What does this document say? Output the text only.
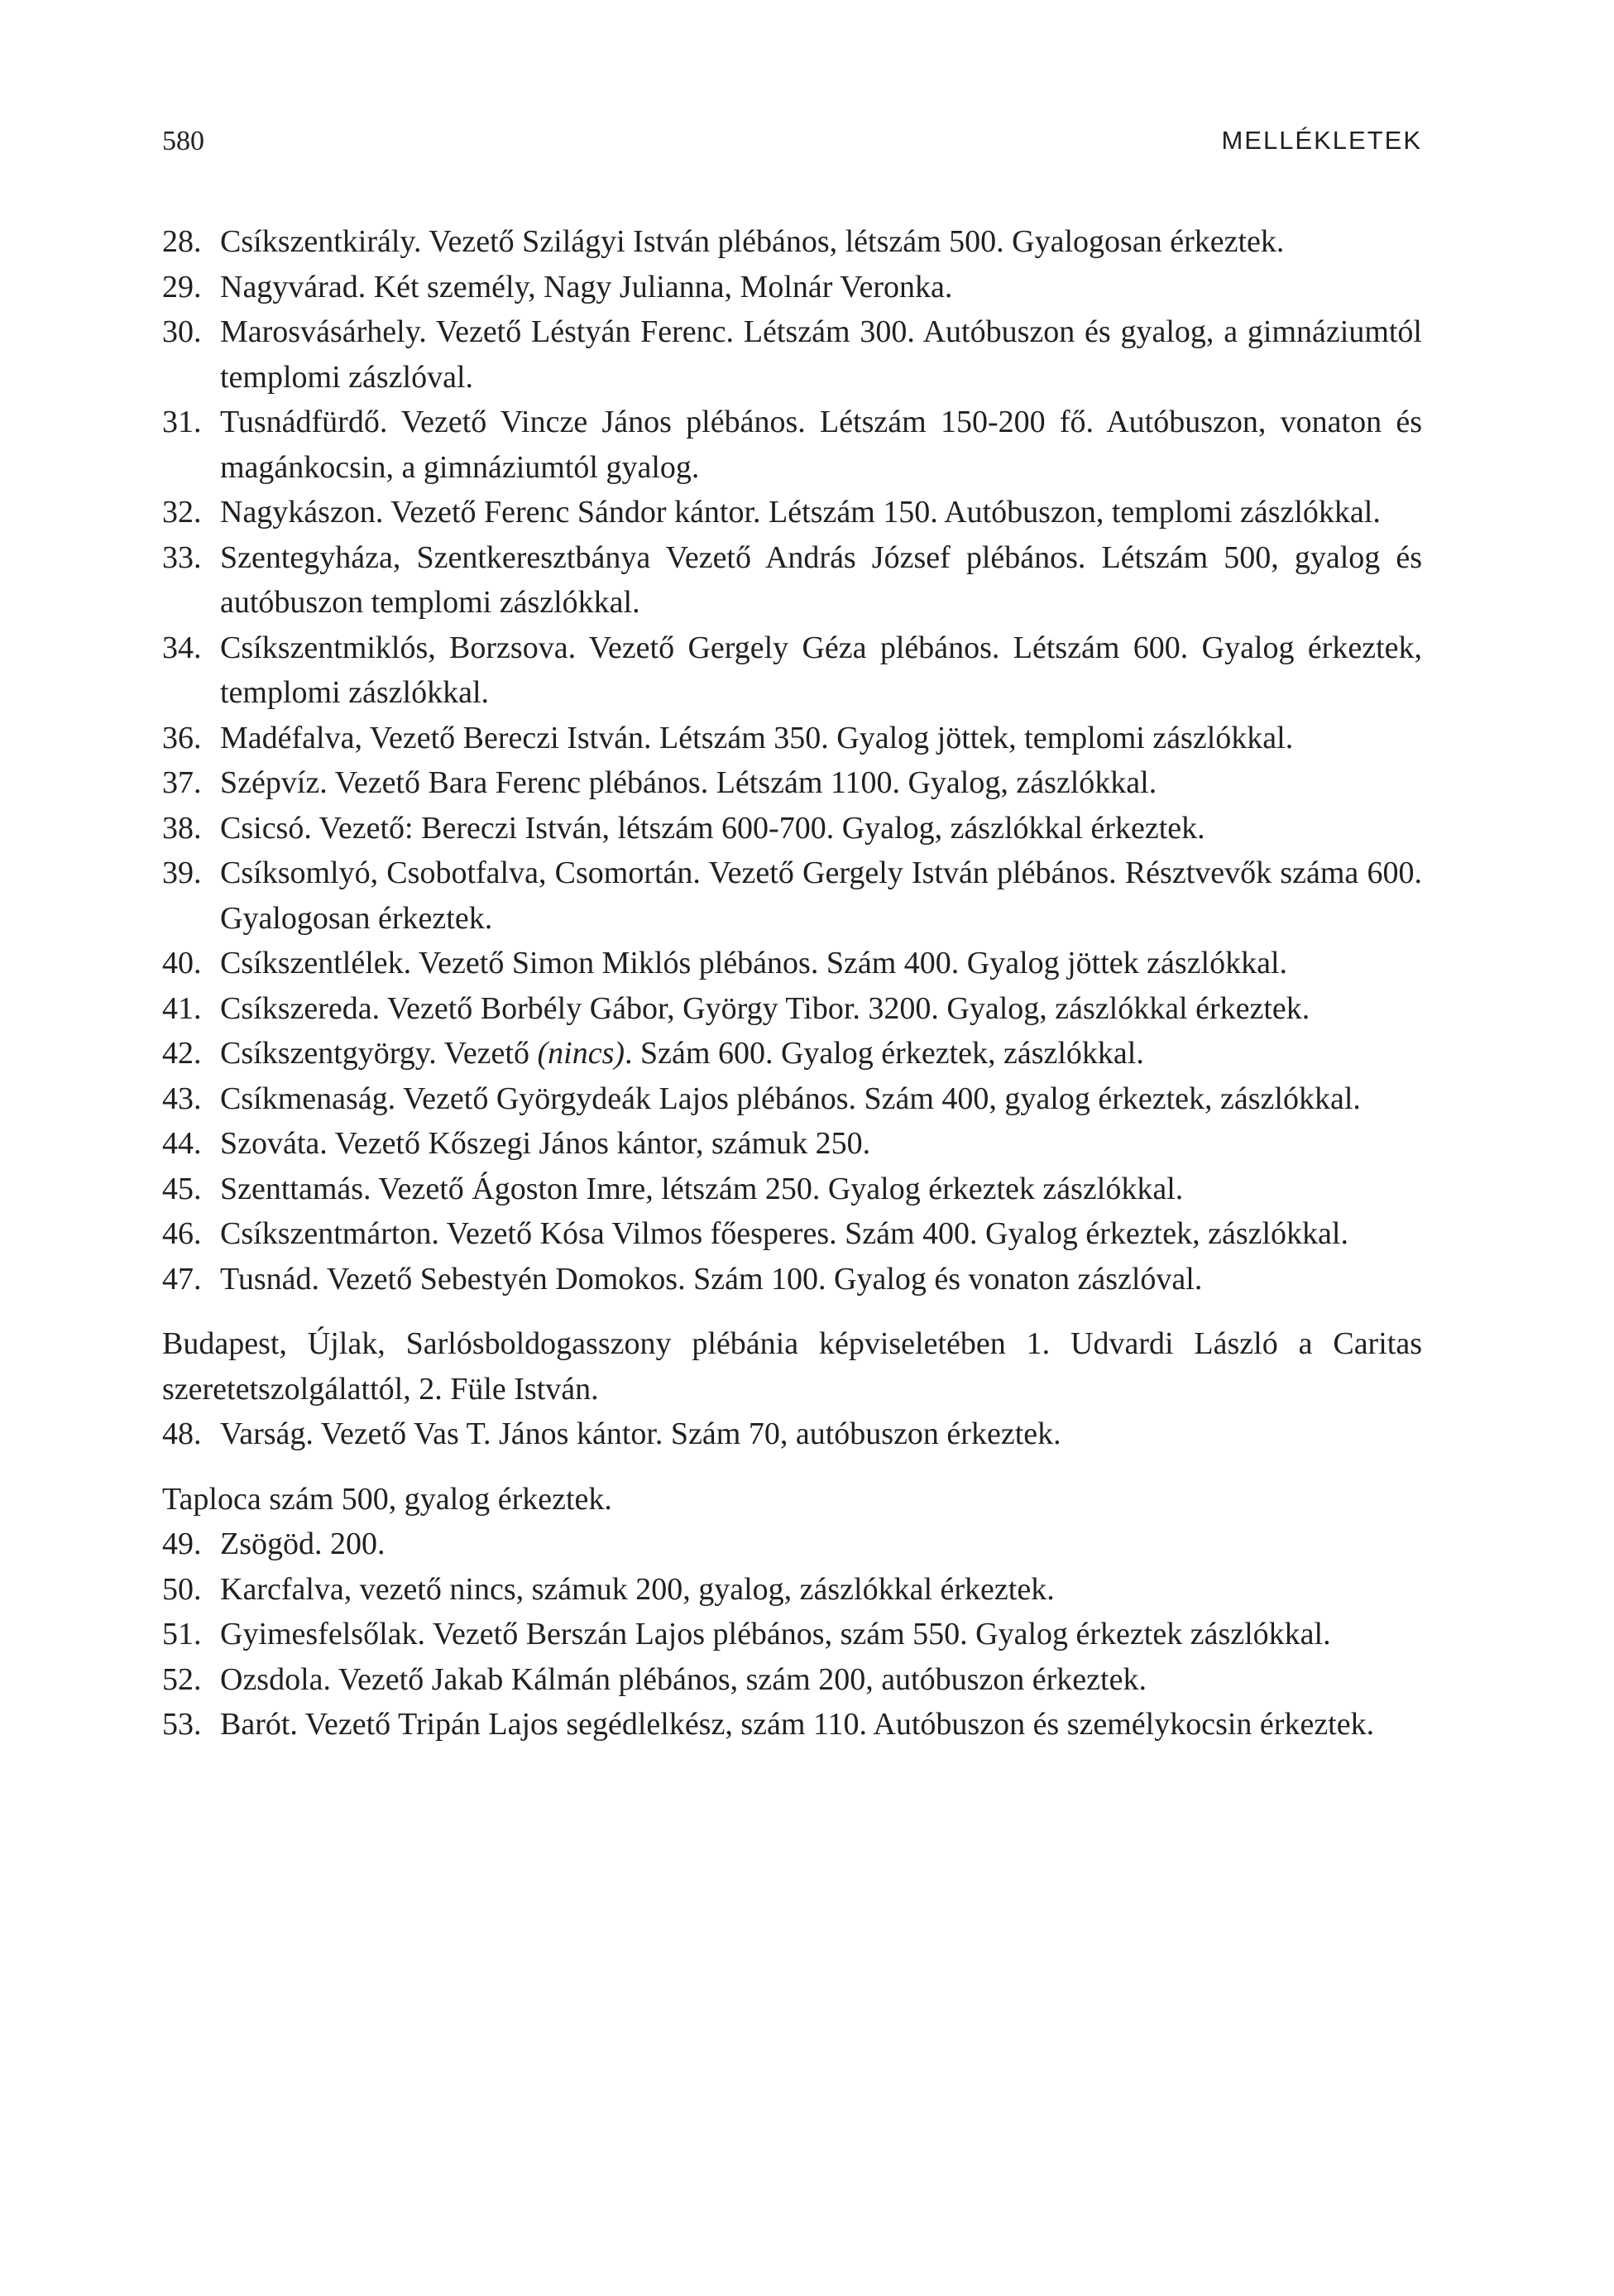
580	MELLÉKLETEK
28. Csíkszentkirály. Vezető Szilágyi István plébános, létszám 500. Gyalogosan érkeztek.
29. Nagyvárad. Két személy, Nagy Julianna, Molnár Veronka.
30. Marosvásárhely. Vezető Léstyán Ferenc. Létszám 300. Autóbuszon és gyalog, a gimnáziumtól templomi zászlóval.
31. Tusnádfürdő. Vezető Vincze János plébános. Létszám 150-200 fő. Autóbuszon, vonaton és magánkocsin, a gimnáziumtól gyalog.
32. Nagykászon. Vezető Ferenc Sándor kántor. Létszám 150. Autóbuszon, templomi zászlókkal.
33. Szentegyháza, Szentkeresztbánya Vezető András József plébános. Létszám 500, gyalog és autóbuszon templomi zászlókkal.
34. Csíkszentmiklós, Borzsova. Vezető Gergely Géza plébános. Létszám 600. Gyalog érkeztek, templomi zászlókkal.
36. Madéfalva, Vezető Bereczi István. Létszám 350. Gyalog jöttek, templomi zászlókkal.
37. Szépvíz. Vezető Bara Ferenc plébános. Létszám 1100. Gyalog, zászlókkal.
38. Csicsó. Vezető: Bereczi István, létszám 600-700. Gyalog, zászlókkal érkeztek.
39. Csíksomlyó, Csobotfalva, Csomortán. Vezető Gergely István plébános. Résztvevők száma 600. Gyalogosan érkeztek.
40. Csíkszentlélek. Vezető Simon Miklós plébános. Szám 400. Gyalog jöttek zászlókkal.
41. Csíkszereda. Vezető Borbély Gábor, György Tibor. 3200. Gyalog, zászlókkal érkeztek.
42. Csíkszentgyörgy. Vezető (nincs). Szám 600. Gyalog érkeztek, zászlókkal.
43. Csíkmenaság. Vezető Györgydeák Lajos plébános. Szám 400, gyalog érkeztek, zászlókkal.
44. Szováta. Vezető Kőszegi János kántor, számuk 250.
45. Szenttamás. Vezető Ágoston Imre, létszám 250. Gyalog érkeztek zászlókkal.
46. Csíkszentmárton. Vezető Kósa Vilmos főesperes. Szám 400. Gyalog érkeztek, zászlókkal.
47. Tusnád. Vezető Sebestyén Domokos. Szám 100. Gyalog és vonaton zászlóval.
Budapest, Újlak, Sarlósboldogasszony plébánia képviseletében 1. Udvardi László a Caritas szeretetszolgálattól, 2. Füle István.
48. Varság. Vezető Vas T. János kántor. Szám 70, autóbuszon érkeztek.
Taploca szám 500, gyalog érkeztek.
49. Zsögöd. 200.
50. Karcfalva, vezető nincs, számuk 200, gyalog, zászlókkal érkeztek.
51. Gyimesfelsőlak. Vezető Berszán Lajos plébános, szám 550. Gyalog érkeztek zászlókkal.
52. Ozsdola. Vezető Jakab Kálmán plébános, szám 200, autóbuszon érkeztek.
53. Barót. Vezető Tripán Lajos segédlelkész, szám 110. Autóbuszon és személykocsin érkeztek.
